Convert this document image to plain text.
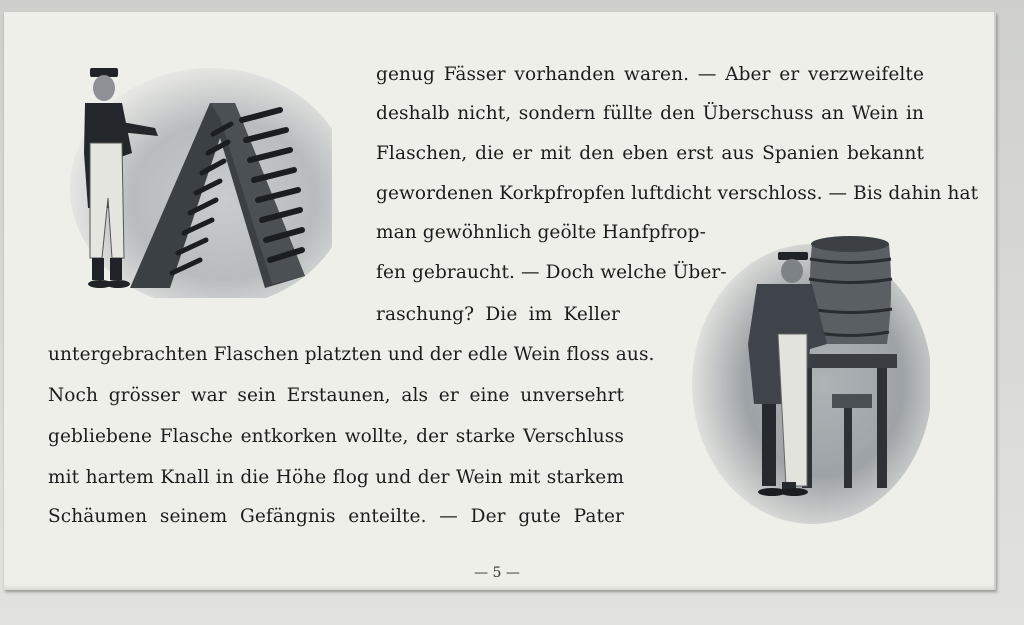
genug Fässer vorhanden waren. — Aber er verzweifelte
deshalb nicht, sondern füllte den Überschuss an Wein in
Flaschen, die er mit den eben erst aus Spanien bekannt
gewordenen Korkpfropfen luftdicht verschloss. — Bis dahin hat
man gewöhnlich geölte Hanfpfrop-
fen gebraucht. — Doch welche Über-
raschung? Die im Keller
untergebrachten Flaschen platzten und der edle Wein floss aus.
Noch grösser war sein Erstaunen, als er eine unversehrt
gebliebene Flasche entkorken wollte, der starke Verschluss
mit hartem Knall in die Höhe flog und der Wein mit starkem
Schäumen seinem Gefängnis enteilte. — Der gute Pater
— 5 —
